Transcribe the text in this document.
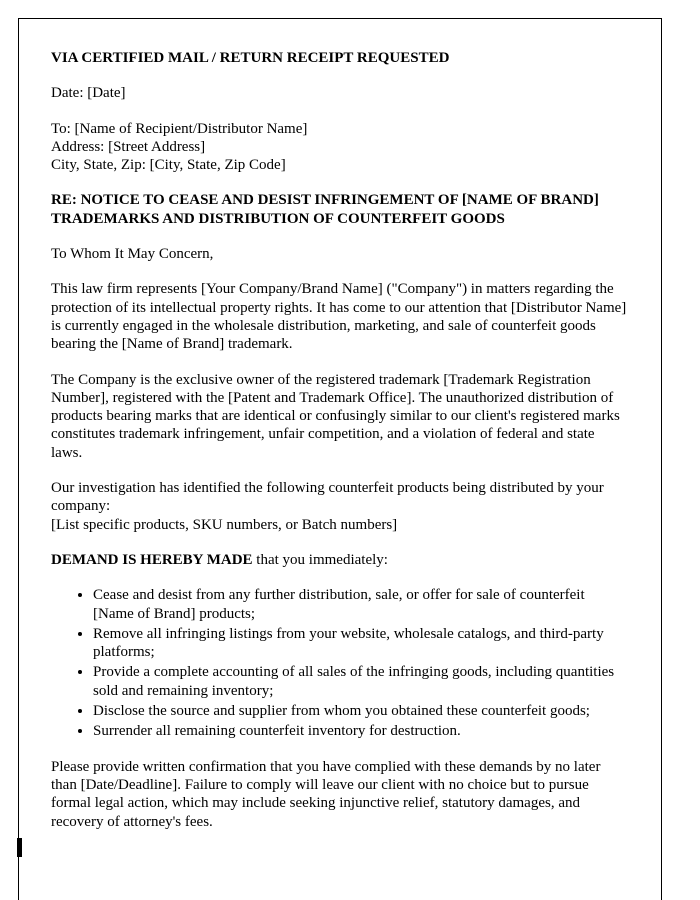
VIA CERTIFIED MAIL / RETURN RECEIPT REQUESTED

Date: [Date]

To: [Name of Recipient/Distributor Name]

Address: [Street Address]

City, State, Zip: [City, State, Zip Code]

RE: NOTICE TO CEASE AND DESIST INFRINGEMENT OF [NAME OF BRAND] TRADEMARKS AND DISTRIBUTION OF COUNTERFEIT GOODS

To Whom It May Concern,

This law firm represents [Your Company/Brand Name] ("Company") in matters regarding the protection of its intellectual property rights. It has come to our attention that [Distributor Name] is currently engaged in the wholesale distribution, marketing, and sale of counterfeit goods bearing the [Name of Brand] trademark.

The Company is the exclusive owner of the registered trademark [Trademark Registration Number], registered with the [Patent and Trademark Office]. The unauthorized distribution of products bearing marks that are identical or confusingly similar to our client's registered marks constitutes trademark infringement, unfair competition, and a violation of federal and state laws.

Our investigation has identified the following counterfeit products being distributed by your company:

[List specific products, SKU numbers, or Batch numbers]

DEMAND IS HEREBY MADE that you immediately:

• Cease and desist from any further distribution, sale, or offer for sale of counterfeit [Name of Brand] products;
• Remove all infringing listings from your website, wholesale catalogs, and third-party platforms;
• Provide a complete accounting of all sales of the infringing goods, including quantities sold and remaining inventory;
• Disclose the source and supplier from whom you obtained these counterfeit goods;
• Surrender all remaining counterfeit inventory for destruction.

Please provide written confirmation that you have complied with these demands by no later than [Date/Deadline]. Failure to comply will leave our client with no choice but to pursue formal legal action, which may include seeking injunctive relief, statutory damages, and recovery of attorney's fees.
